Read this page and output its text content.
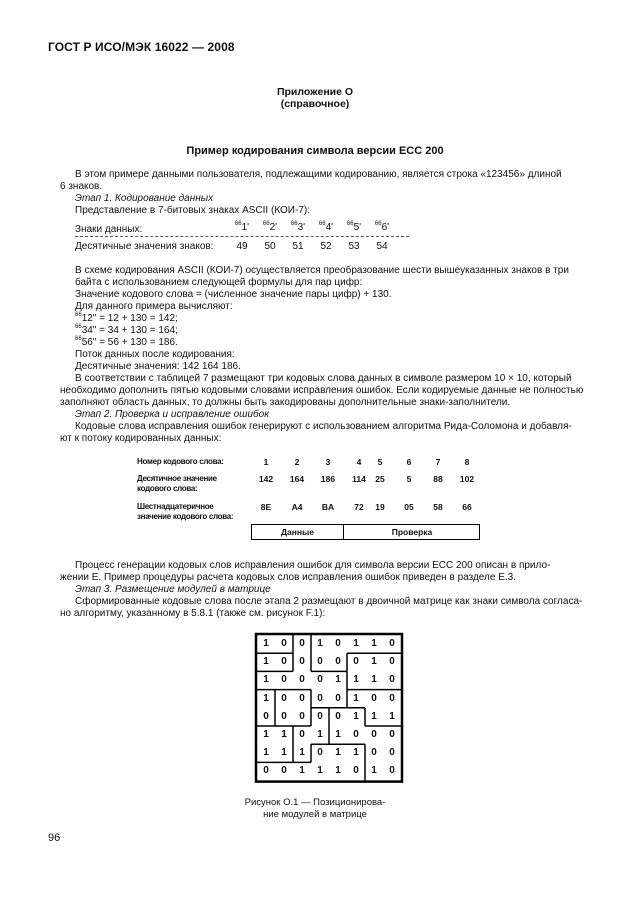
ГОСТ Р ИСО/МЭК 16022 — 2008
Приложение О
(справочное)
Пример кодирования символа версии ЕСС 200
В этом примере данными пользователя, подлежащими кодированию, является строка «123456» длиной
6 знаков.
Этап 1. Кодирование данных
Представление в 7-битовых знаках ASCII (КОИ-7):
Знаки данных:	$^{66}$1'	$^{66}$2'	$^{66}$3'	$^{66}$4'	$^{66}$5'	$^{66}$6'
Десятичные значения знаков:	49	50	51	52	53	54
В схеме кодирования ASCII (КОИ-7) осуществляется преобразование шести вышеуказанных знаков в три
байта с использованием следующей формулы для пар цифр:
Значение кодового слова = (численное значение пары цифр) + 130.
Для данного примера вычисляют:
$^{66}$12" = 12 + 130 = 142;
$^{66}$34" = 34 + 130 = 164;
$^{66}$56" = 56 + 130 = 186.
Поток данных после кодирования:
Десятичные значения: 142 164 186.
В соответствии с таблицей 7 размещают три кодовых слова данных в символе размером 10 × 10, который
необходимо дополнить пятью кодовыми словами исправления ошибок. Если кодируемые данные не полностью
заполняют область данных, то должны быть закодированы дополнительные знаки-заполнители.
Этап 2. Проверка и исправление ошибок
Кодовые слова исправления ошибок генерируют с использованием алгоритма Рида-Соломона и добавля-
ют к потоку кодированных данных:
Номер кодового слова:	1	2	3	4	5	6	7	8
Десятичное значение
кодового слова:
142	164	186	114	25	5	88	102
Шестнадцатеричное
значение кодового слова:
8E	A4	BA	72	19	05	58	66
Данные	Проверка
Процесс генерации кодовых слов исправления ошибок для символа версии ЕСС 200 описан в прило-
жении Е. Пример процедуры расчета кодовых слов исправления ошибок приведен в разделе Е.3.
Этап 3. Размещение модулей в матрице
Сформированные кодовые слова после этапа 2 размещают в двоичной матрице как знаки символа согласа-
но алгоритму, указанному в 5.8.1 (также см. рисунок F.1):
1	0	0	1	0	1	1	0
1	0	0	0	0	0	1	0
1	0	0	0	1	1	1	0
1	0	0	0	0	1	0	0
0	0	0	0	0	1	1	1
1	1	0	1	1	0	0	0
1	1	1	0	1	1	0	0
0	0	1	1	1	0	1	0
Рисунок О.1 — Позиционирова-
ние модулей в матрице
96
